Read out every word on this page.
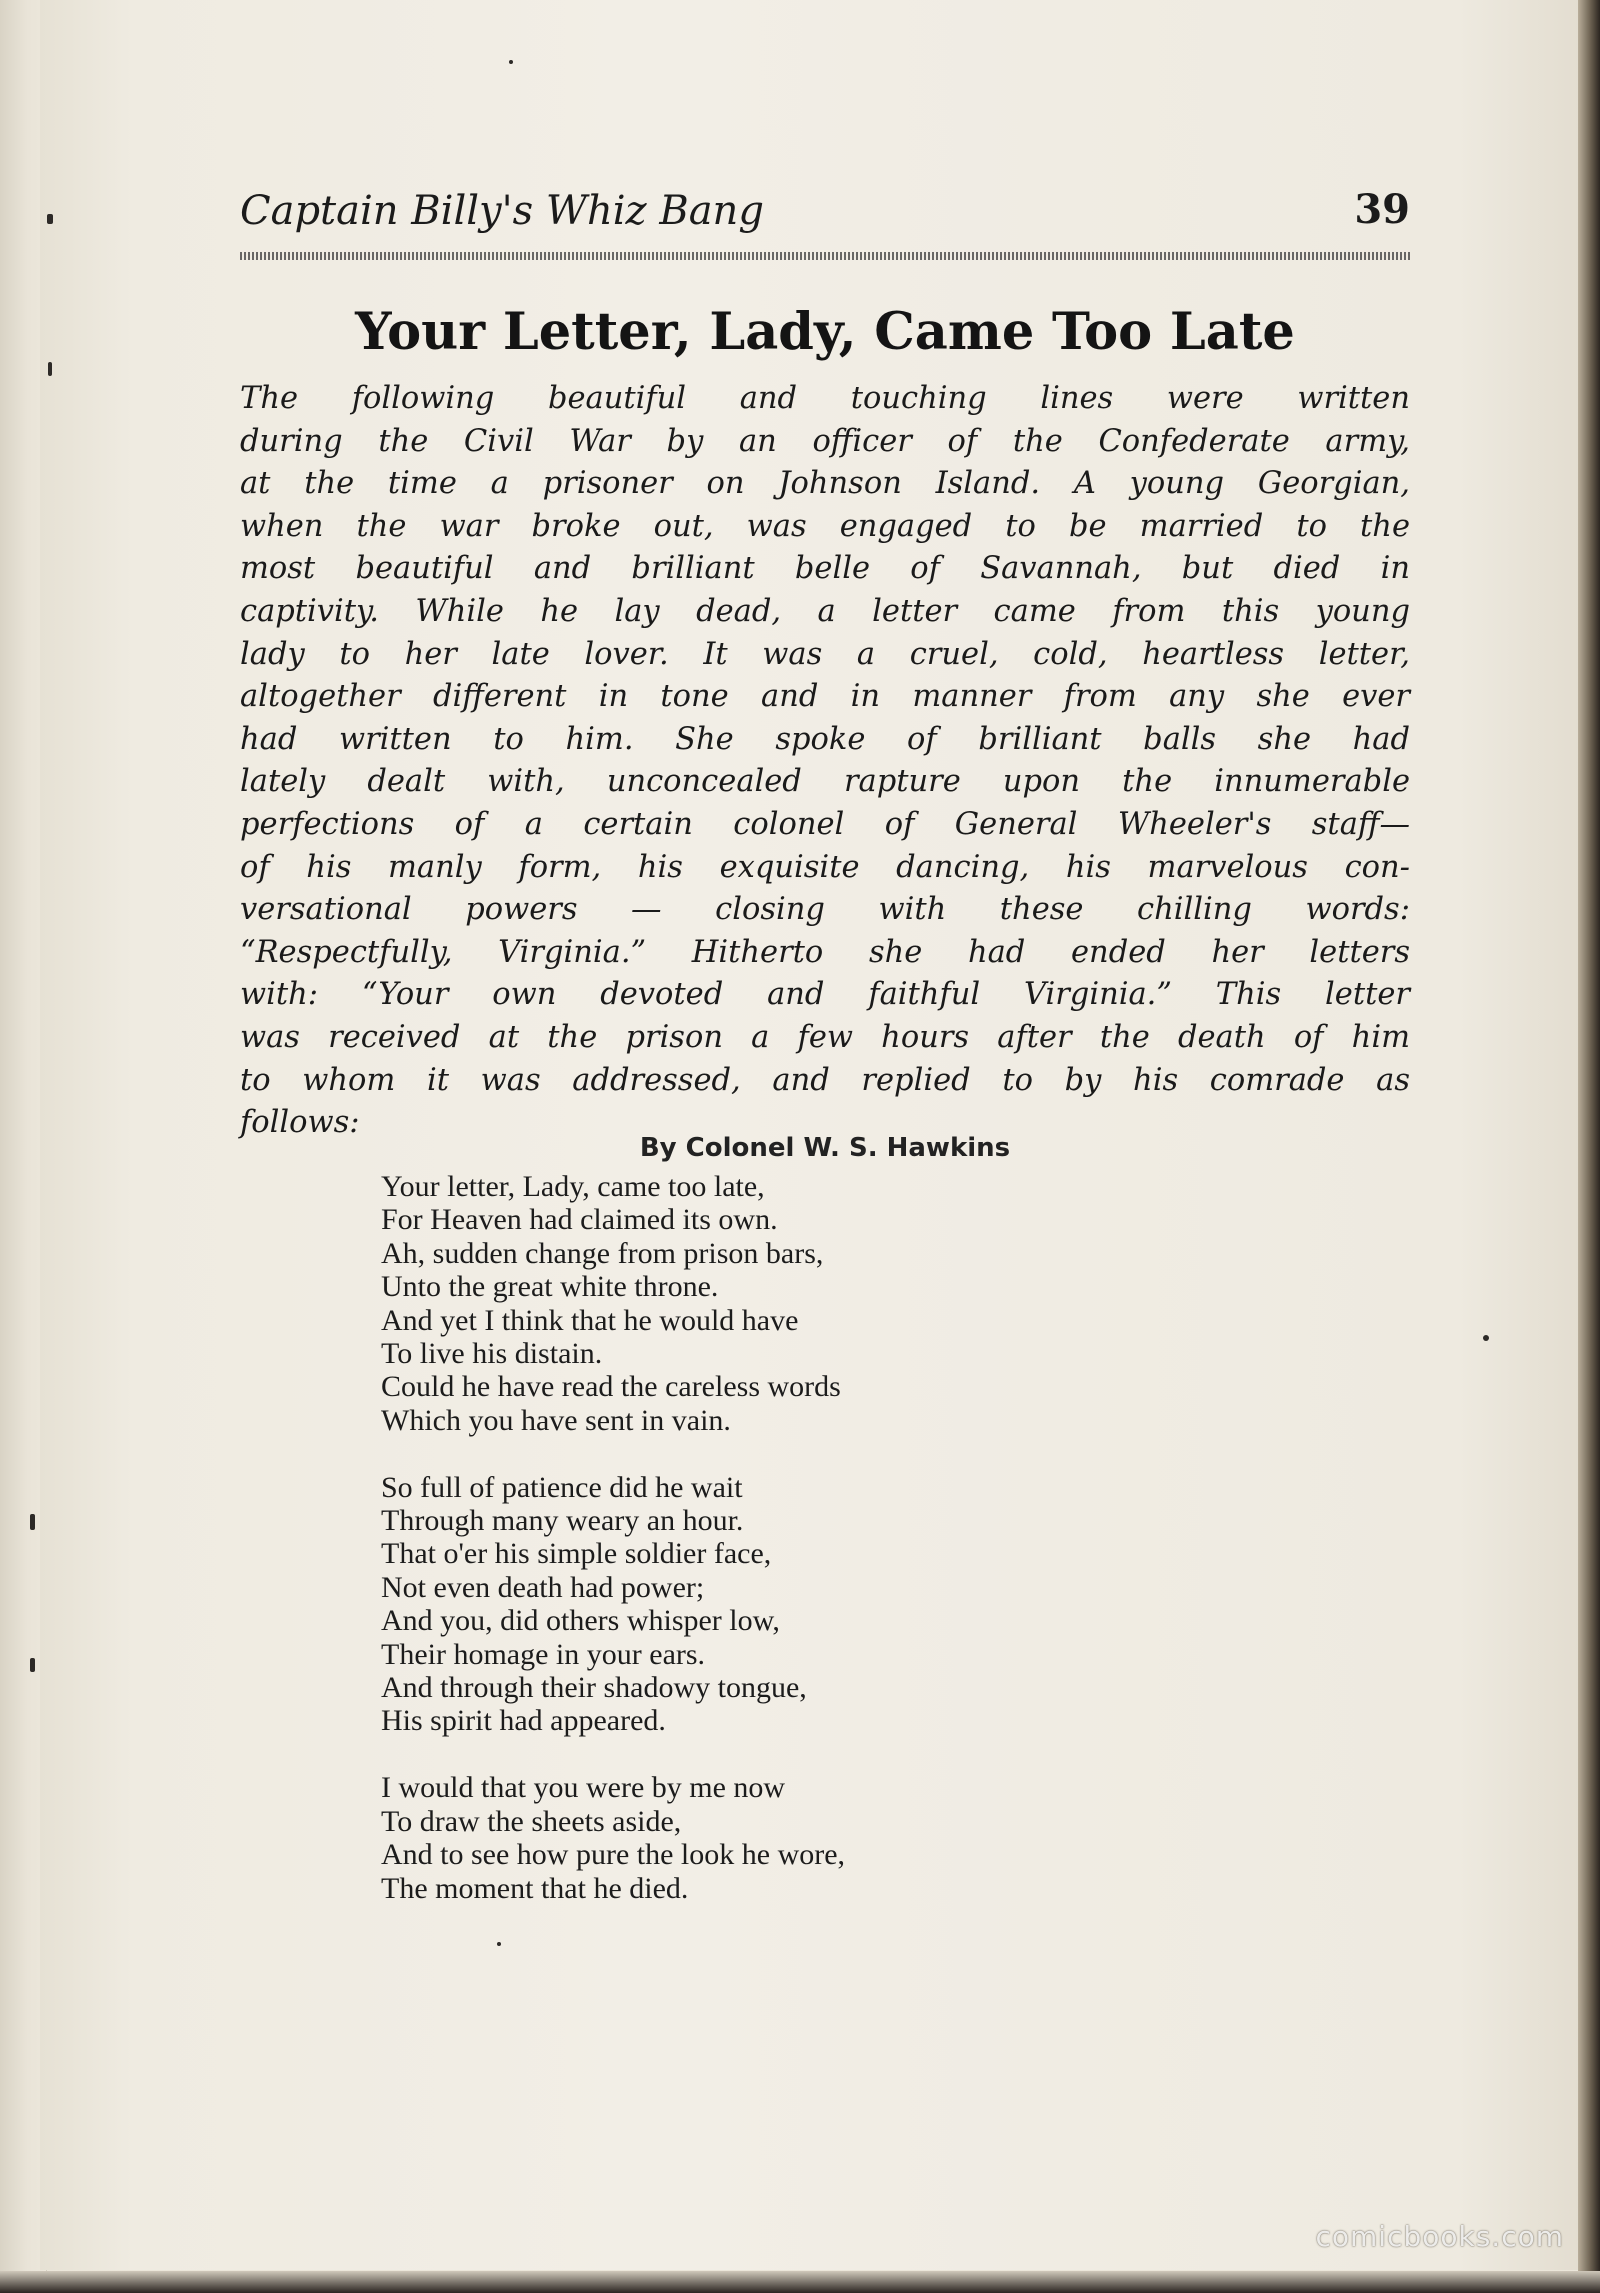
Captain Billy's Whiz Bang	39
Your Letter, Lady, Came Too Late
The following beautiful and touching lines were written
during the Civil War by an officer of the Confederate army,
at the time a prisoner on Johnson Island. A young Georgian,
when the war broke out, was engaged to be married to the
most beautiful and brilliant belle of Savannah, but died in
captivity. While he lay dead, a letter came from this young
lady to her late lover. It was a cruel, cold, heartless letter,
altogether different in tone and in manner from any she ever
had written to him. She spoke of brilliant balls she had
lately dealt with, unconcealed rapture upon the innumerable
perfections of a certain colonel of General Wheeler's staff—
of his manly form, his exquisite dancing, his marvelous con-
versational powers — closing with these chilling words:
“Respectfully, Virginia.” Hitherto she had ended her letters
with: “Your own devoted and faithful Virginia.” This letter
was received at the prison a few hours after the death of him
to whom it was addressed, and replied to by his comrade as
follows:
By Colonel W. S. Hawkins
Your letter, Lady, came too late,
For Heaven had claimed its own.
Ah, sudden change from prison bars,
Unto the great white throne.
And yet I think that he would have
To live his distain.
Could he have read the careless words
Which you have sent in vain.
So full of patience did he wait
Through many weary an hour.
That o'er his simple soldier face,
Not even death had power;
And you, did others whisper low,
Their homage in your ears.
And through their shadowy tongue,
His spirit had appeared.
I would that you were by me now
To draw the sheets aside,
And to see how pure the look he wore,
The moment that he died.
comicbooks.com
